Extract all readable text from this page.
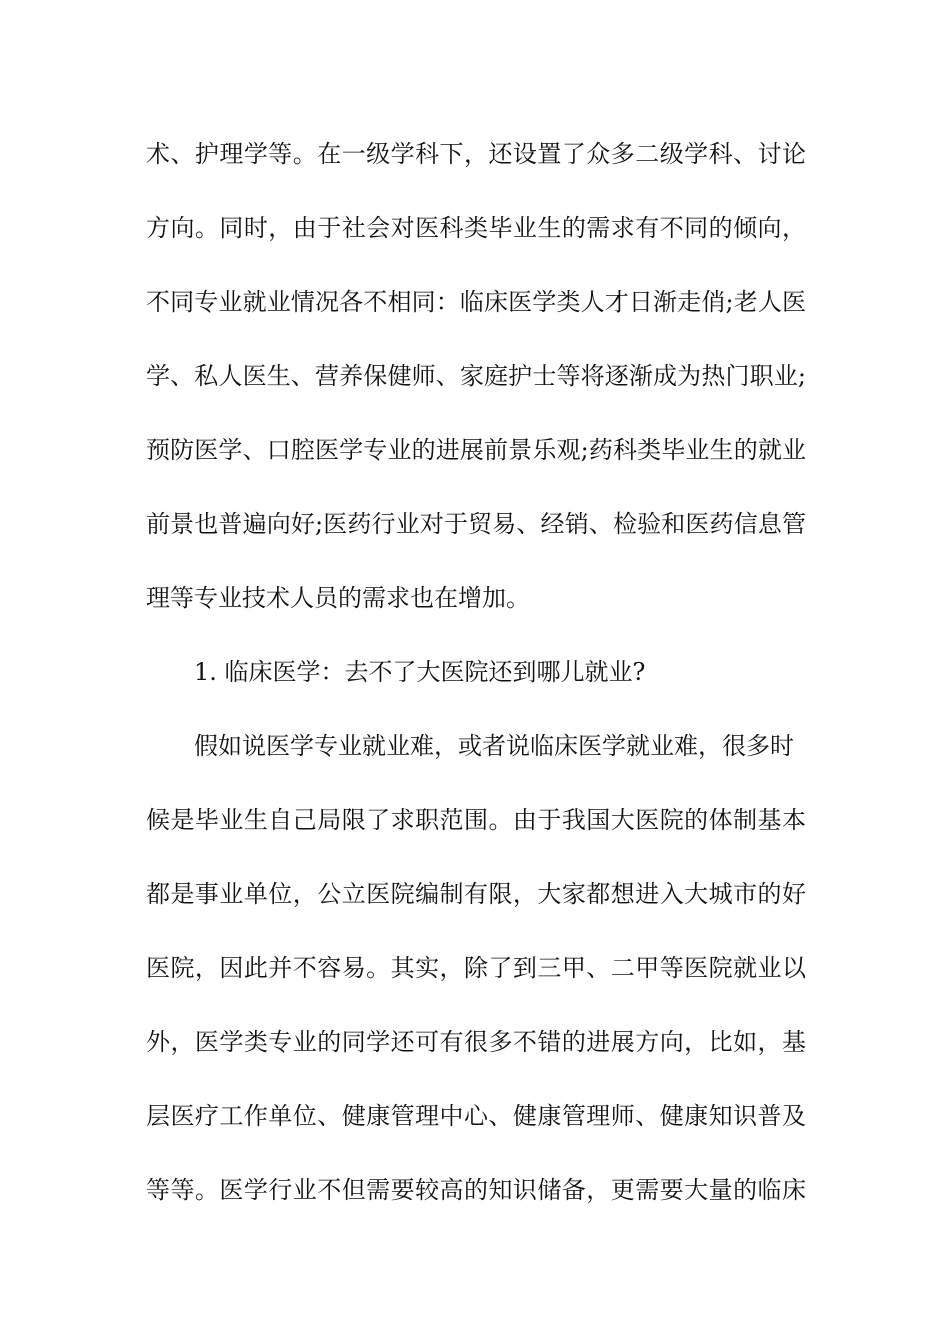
术、护理学等。在一级学科下，还设置了众多二级学科、讨论
方向。同时，由于社会对医科类毕业生的需求有不同的倾向，
不同专业就业情况各不相同：临床医学类人才日渐走俏;老人医
学、私人医生、营养保健师、家庭护士等将逐渐成为热门职业;
预防医学、口腔医学专业的进展前景乐观;药科类毕业生的就业
前景也普遍向好;医药行业对于贸易、经销、检验和医药信息管
理等专业技术人员的需求也在增加。
1. 临床医学：去不了大医院还到哪儿就业?
假如说医学专业就业难，或者说临床医学就业难，很多时
候是毕业生自己局限了求职范围。由于我国大医院的体制基本
都是事业单位，公立医院编制有限，大家都想进入大城市的好
医院，因此并不容易。其实，除了到三甲、二甲等医院就业以
外，医学类专业的同学还可有很多不错的进展方向，比如，基
层医疗工作单位、健康管理中心、健康管理师、健康知识普及
等等。医学行业不但需要较高的知识储备，更需要大量的临床
